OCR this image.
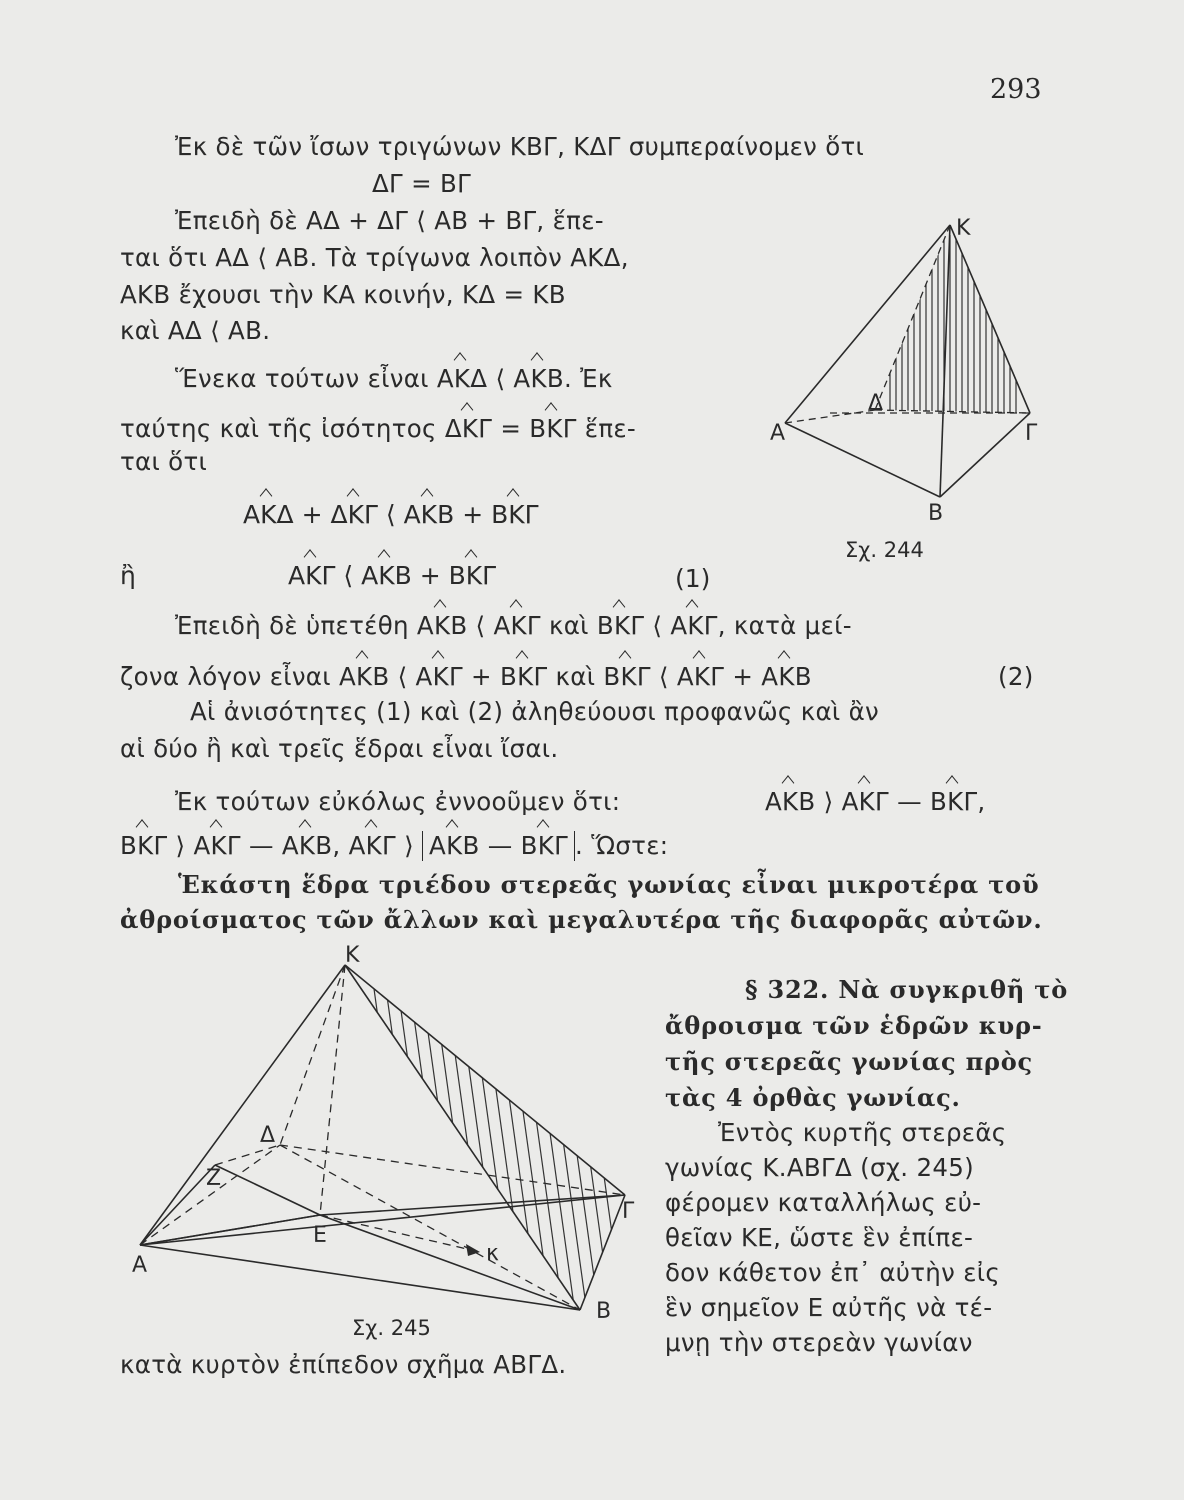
293
Ἐκ δὲ τῶν ἴσων τριγώνων ΚΒΓ, ΚΔΓ συμπεραίνομεν ὅτι
ΔΓ = ΒΓ
Ἐπειδὴ δὲ ΑΔ + ΔΓ ⟨ ΑΒ + ΒΓ, ἕπε-
ται ὅτι ΑΔ ⟨ ΑΒ. Τὰ τρίγωνα λοιπὸν ΑΚΔ,
ΑΚΒ ἔχουσι τὴν ΚΑ κοινήν, ΚΔ = ΚΒ
καὶ ΑΔ ⟨ ΑΒ.
Ἕνεκα τούτων εἶναι ΑΚΔ ⟨ ΑΚΒ. Ἐκ
ταύτης καὶ τῆς ἰσότητος ΔΚΓ = ΒΚΓ ἕπε-
ται ὅτι
ΑΚΔ + ΔΚΓ ⟨ ΑΚΒ + ΒΚΓ
ἢ	ΑΚΓ ⟨ ΑΚΒ + ΒΚΓ	(1)
Ἐπειδὴ δὲ ὑπετέθη ΑΚΒ ⟨ ΑΚΓ καὶ ΒΚΓ ⟨ ΑΚΓ, κατὰ μεί-
ζονα λόγον εἶναι ΑΚΒ ⟨ ΑΚΓ + ΒΚΓ καὶ ΒΚΓ ⟨ ΑΚΓ + ΑΚΒ	(2)
Αἱ ἀνισότητες (1) καὶ (2) ἀληθεύουσι προφανῶς καὶ ἂν
αἱ δύο ἢ καὶ τρεῖς ἕδραι εἶναι ἴσαι.
Ἐκ τούτων εὐκόλως ἐννοοῦμεν ὅτι:	ΑΚΒ ⟩ ΑΚΓ — ΒΚΓ,
ΒΚΓ ⟩ ΑΚΓ — ΑΚΒ, ΑΚΓ ⟩ ΑΚΒ — ΒΚΓ . Ὥστε:
Ἑκάστη ἕδρα τριέδου στερεᾶς γωνίας εἶναι μικροτέρα τοῦ
ἀθροίσματος τῶν ἄλλων καὶ μεγαλυτέρα τῆς διαφορᾶς αὐτῶν.
§ 322. Νὰ συγκριθῆ τὸ
ἄθροισμα τῶν ἑδρῶν κυρ-
τῆς στερεᾶς γωνίας πρὸς
τὰς 4 ὀρθὰς γωνίας.
Ἐντὸς κυρτῆς στερεᾶς
γωνίας Κ.ΑΒΓΔ (σχ. 245)
φέρομεν καταλλήλως εὐ-
θεῖαν ΚΕ, ὥστε ἓν ἐπίπε-
δον κάθετον ἐπ᾽ αὐτὴν εἰς
ἓν σημεῖον Ε αὐτῆς νὰ τέ-
μνῃ τὴν στερεὰν γωνίαν
κατὰ κυρτὸν ἐπίπεδον σχῆμα ΑΒΓΔ.
Κ
Α	Γ
Δ
Β
Σχ. 244
Κ
Α
Β
Γ
Δ
Ζ
Ε
κ
Σχ. 245
